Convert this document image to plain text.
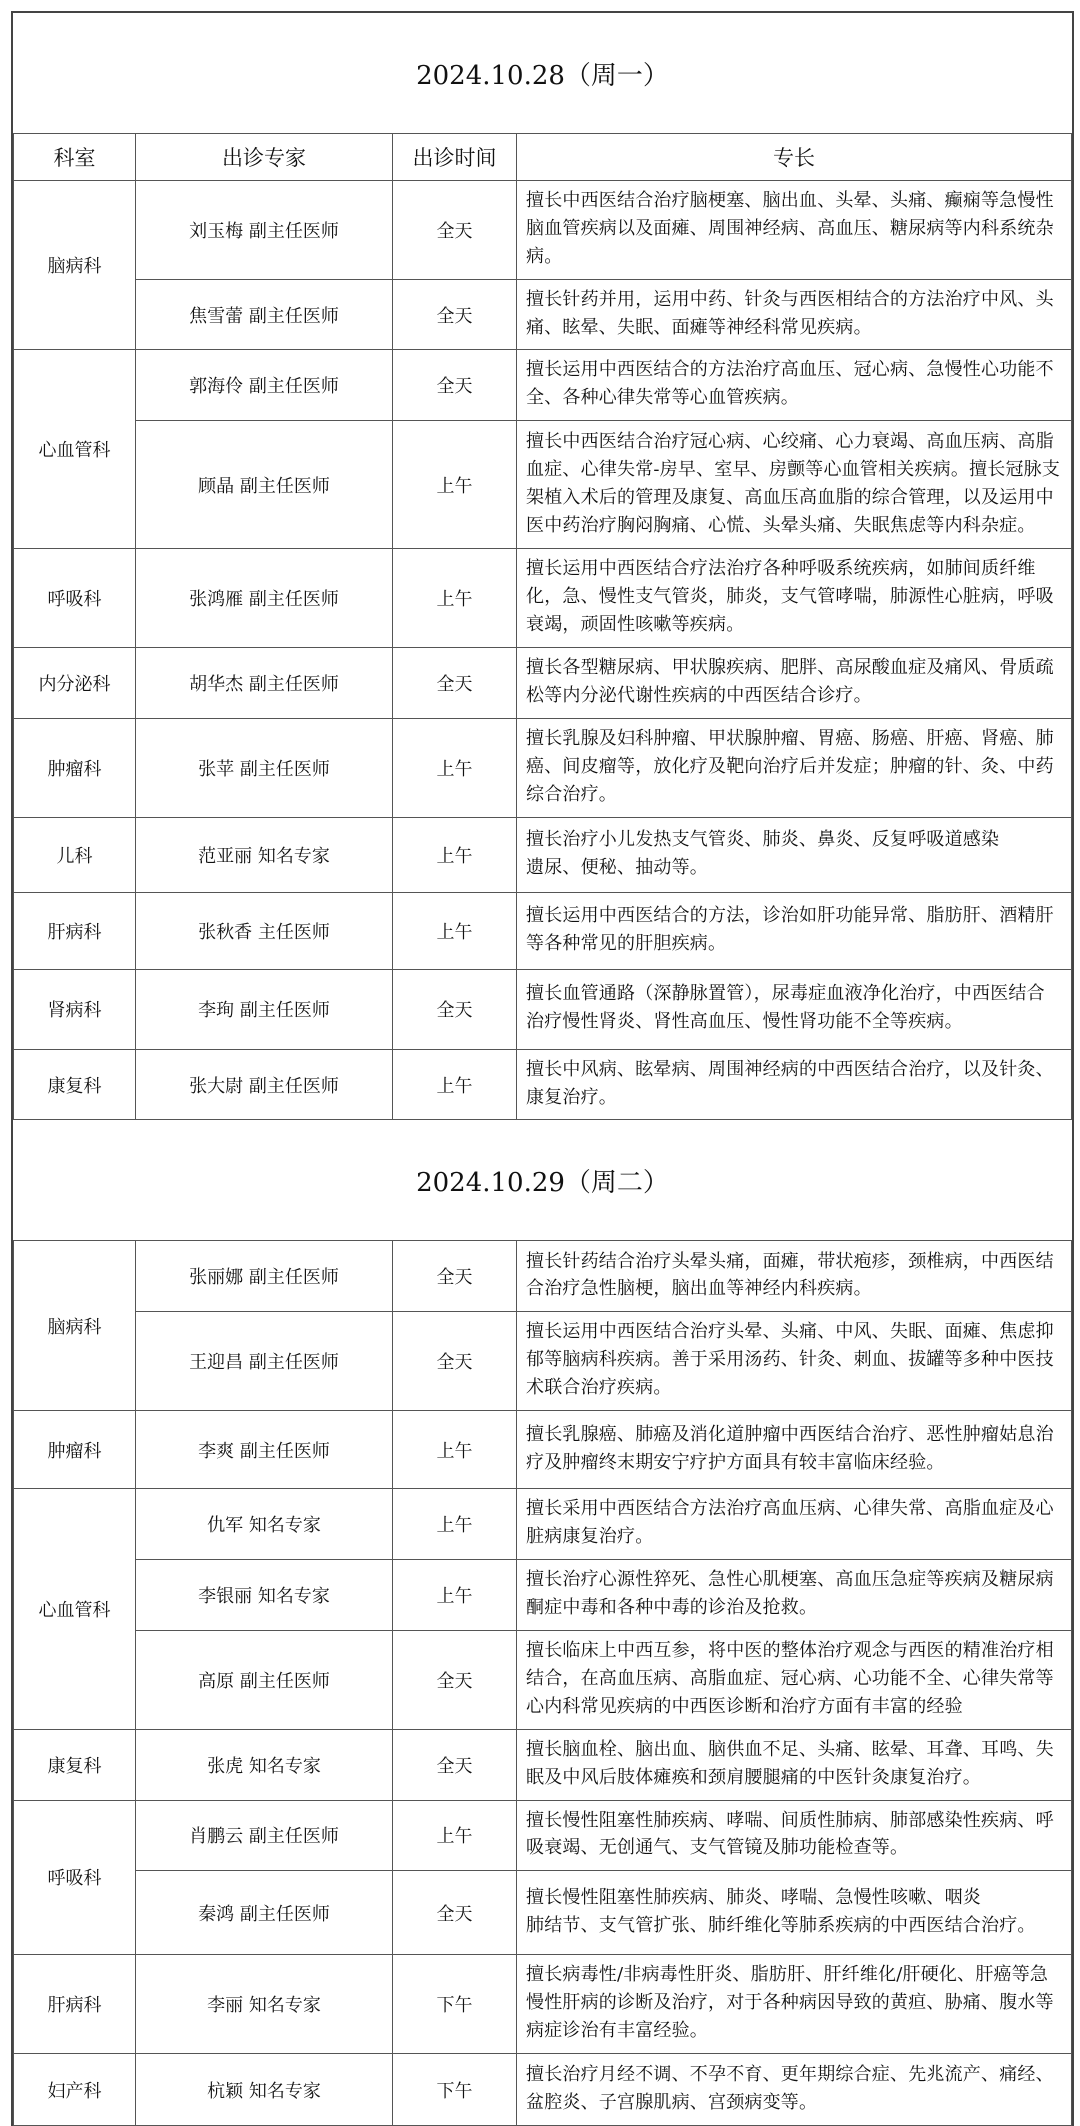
2024.10.28（周一）			
科室	出诊专家	出诊时间	专长
脑病科	刘玉梅 副主任医师	全天	擅长中西医结合治疗脑梗塞、脑出血、头晕、头痛、癫痫等急慢性脑血管疾病以及面瘫、周围神经病、高血压、糖尿病等内科系统杂病。
	焦雪蕾 副主任医师	全天	擅长针药并用，运用中药、针灸与西医相结合的方法治疗中风、头痛、眩晕、失眠、面瘫等神经科常见疾病。
心血管科	郭海伶 副主任医师	全天	擅长运用中西医结合的方法治疗高血压、冠心病、急慢性心功能不全、各种心律失常等心血管疾病。
	顾晶 副主任医师	上午	擅长中西医结合治疗冠心病、心绞痛、心力衰竭、高血压病、高脂血症、心律失常-房早、室早、房颤等心血管相关疾病。擅长冠脉支架植入术后的管理及康复、高血压高血脂的综合管理，以及运用中医中药治疗胸闷胸痛、心慌、头晕头痛、失眠焦虑等内科杂症。
呼吸科	张鸿雁 副主任医师	上午	擅长运用中西医结合疗法治疗各种呼吸系统疾病，如肺间质纤维化，急、慢性支气管炎，肺炎，支气管哮喘，肺源性心脏病，呼吸衰竭，顽固性咳嗽等疾病。
内分泌科	胡华杰 副主任医师	全天	擅长各型糖尿病、甲状腺疾病、肥胖、高尿酸血症及痛风、骨质疏松等内分泌代谢性疾病的中西医结合诊疗。
肿瘤科	张苹 副主任医师	上午	擅长乳腺及妇科肿瘤、甲状腺肿瘤、胃癌、肠癌、肝癌、肾癌、肺癌、间皮瘤等，放化疗及靶向治疗后并发症；肿瘤的针、灸、中药综合治疗。
儿科	范亚丽 知名专家	上午	擅长治疗小儿发热支气管炎、肺炎、鼻炎、反复呼吸道感染
遗尿、便秘、抽动等。
肝病科	张秋香 主任医师	上午	擅长运用中西医结合的方法，诊治如肝功能异常、脂肪肝、酒精肝等各种常见的肝胆疾病。
肾病科	李珣 副主任医师	全天	擅长血管通路（深静脉置管），尿毒症血液净化治疗，中西医结合治疗慢性肾炎、肾性高血压、慢性肾功能不全等疾病。
康复科	张大尉 副主任医师	上午	擅长中风病、眩晕病、周围神经病的中西医结合治疗，以及针灸、康复治疗。
2024.10.29（周二）			
脑病科	张丽娜 副主任医师	全天	擅长针药结合治疗头晕头痛，面瘫，带状疱疹，颈椎病，中西医结合治疗急性脑梗，脑出血等神经内科疾病。
	王迎昌 副主任医师	全天	擅长运用中西医结合治疗头晕、头痛、中风、失眠、面瘫、焦虑抑郁等脑病科疾病。善于采用汤药、针灸、刺血、拔罐等多种中医技术联合治疗疾病。
肿瘤科	李爽 副主任医师	上午	擅长乳腺癌、肺癌及消化道肿瘤中西医结合治疗、恶性肿瘤姑息治疗及肿瘤终末期安宁疗护方面具有较丰富临床经验。
心血管科	仇军 知名专家	上午	擅长采用中西医结合方法治疗高血压病、心律失常、高脂血症及心脏病康复治疗。
	李银丽 知名专家	上午	擅长治疗心源性猝死、急性心肌梗塞、高血压急症等疾病及糖尿病酮症中毒和各种中毒的诊治及抢救。
	高原 副主任医师	全天	擅长临床上中西互参，将中医的整体治疗观念与西医的精准治疗相结合，在高血压病、高脂血症、冠心病、心功能不全、心律失常等心内科常见疾病的中西医诊断和治疗方面有丰富的经验
康复科	张虎 知名专家	全天	擅长脑血栓、脑出血、脑供血不足、头痛、眩晕、耳聋、耳鸣、失眠及中风后肢体瘫痪和颈肩腰腿痛的中医针灸康复治疗。
呼吸科	肖鹏云 副主任医师	上午	擅长慢性阻塞性肺疾病、哮喘、间质性肺病、肺部感染性疾病、呼吸衰竭、无创通气、支气管镜及肺功能检查等。
	秦鸿 副主任医师	全天	擅长慢性阻塞性肺疾病、肺炎、哮喘、急慢性咳嗽、咽炎
肺结节、支气管扩张、肺纤维化等肺系疾病的中西医结合治疗。
肝病科	李丽 知名专家	下午	擅长病毒性/非病毒性肝炎、脂肪肝、肝纤维化/肝硬化、肝癌等急慢性肝病的诊断及治疗，对于各种病因导致的黄疸、胁痛、腹水等病症诊治有丰富经验。
妇产科	杭颖 知名专家	下午	擅长治疗月经不调、不孕不育、更年期综合症、先兆流产、痛经、盆腔炎、子宫腺肌病、宫颈病变等。
